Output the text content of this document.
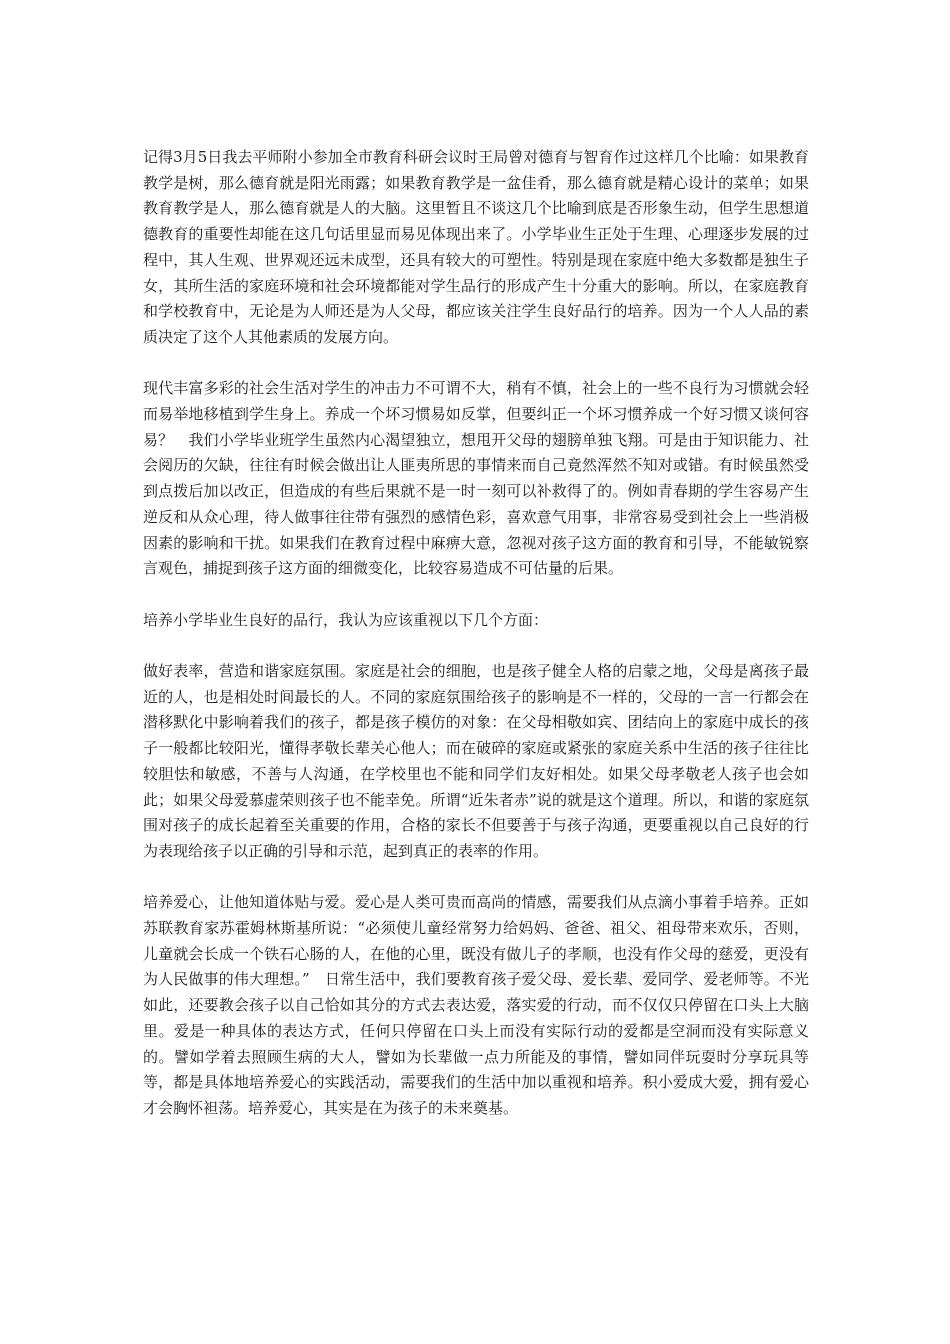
记得3月5日我去平师附小参加全市教育科研会议时王局曾对德育与智育作过这样几个比喻：如果教育教学是树，那么德育就是阳光雨露；如果教育教学是一盆佳肴，那么德育就是精心设计的菜单；如果教育教学是人，那么德育就是人的大脑。这里暂且不谈这几个比喻到底是否形象生动，但学生思想道德教育的重要性却能在这几句话里显而易见体现出来了。小学毕业生正处于生理、心理逐步发展的过程中，其人生观、世界观还远未成型，还具有较大的可塑性。特别是现在家庭中绝大多数都是独生子女，其所生活的家庭环境和社会环境都能对学生品行的形成产生十分重大的影响。所以，在家庭教育和学校教育中，无论是为人师还是为人父母，都应该关注学生良好品行的培养。因为一个人人品的素质决定了这个人其他素质的发展方向。

现代丰富多彩的社会生活对学生的冲击力不可谓不大，稍有不慎，社会上的一些不良行为习惯就会轻而易举地移植到学生身上。养成一个坏习惯易如反掌，但要纠正一个坏习惯养成一个好习惯又谈何容易？　我们小学毕业班学生虽然内心渴望独立，想甩开父母的翅膀单独飞翔。可是由于知识能力、社会阅历的欠缺，往往有时候会做出让人匪夷所思的事情来而自己竟然浑然不知对或错。有时候虽然受到点拨后加以改正，但造成的有些后果就不是一时一刻可以补救得了的。例如青春期的学生容易产生逆反和从众心理，待人做事往往带有强烈的感情色彩，喜欢意气用事，非常容易受到社会上一些消极因素的影响和干扰。如果我们在教育过程中麻痹大意，忽视对孩子这方面的教育和引导，不能敏锐察言观色，捕捉到孩子这方面的细微变化，比较容易造成不可估量的后果。

培养小学毕业生良好的品行，我认为应该重视以下几个方面：

做好表率，营造和谐家庭氛围。家庭是社会的细胞，也是孩子健全人格的启蒙之地，父母是离孩子最近的人，也是相处时间最长的人。不同的家庭氛围给孩子的影响是不一样的，父母的一言一行都会在潜移默化中影响着我们的孩子，都是孩子模仿的对象：在父母相敬如宾、团结向上的家庭中成长的孩子一般都比较阳光，懂得孝敬长辈关心他人；而在破碎的家庭或紧张的家庭关系中生活的孩子往往比较胆怯和敏感，不善与人沟通，在学校里也不能和同学们友好相处。如果父母孝敬老人孩子也会如此；如果父母爱慕虚荣则孩子也不能幸免。所谓“近朱者赤”说的就是这个道理。所以，和谐的家庭氛围对孩子的成长起着至关重要的作用，合格的家长不但要善于与孩子沟通，更要重视以自己良好的行为表现给孩子以正确的引导和示范，起到真正的表率的作用。

培养爱心，让他知道体贴与爱。爱心是人类可贵而高尚的情感，需要我们从点滴小事着手培养。正如苏联教育家苏霍姆林斯基所说：“必须使儿童经常努力给妈妈、爸爸、祖父、祖母带来欢乐，否则，儿童就会长成一个铁石心肠的人，在他的心里，既没有做儿子的孝顺，也没有作父母的慈爱，更没有为人民做事的伟大理想。”　日常生活中，我们要教育孩子爱父母、爱长辈、爱同学、爱老师等。不光如此，还要教会孩子以自己恰如其分的方式去表达爱，落实爱的行动，而不仅仅只停留在口头上大脑里。爱是一种具体的表达方式，任何只停留在口头上而没有实际行动的爱都是空洞而没有实际意义的。譬如学着去照顾生病的大人，譬如为长辈做一点力所能及的事情，譬如同伴玩耍时分享玩具等等，都是具体地培养爱心的实践活动，需要我们的生活中加以重视和培养。积小爱成大爱，拥有爱心才会胸怀袒荡。培养爱心，其实是在为孩子的未来奠基。
